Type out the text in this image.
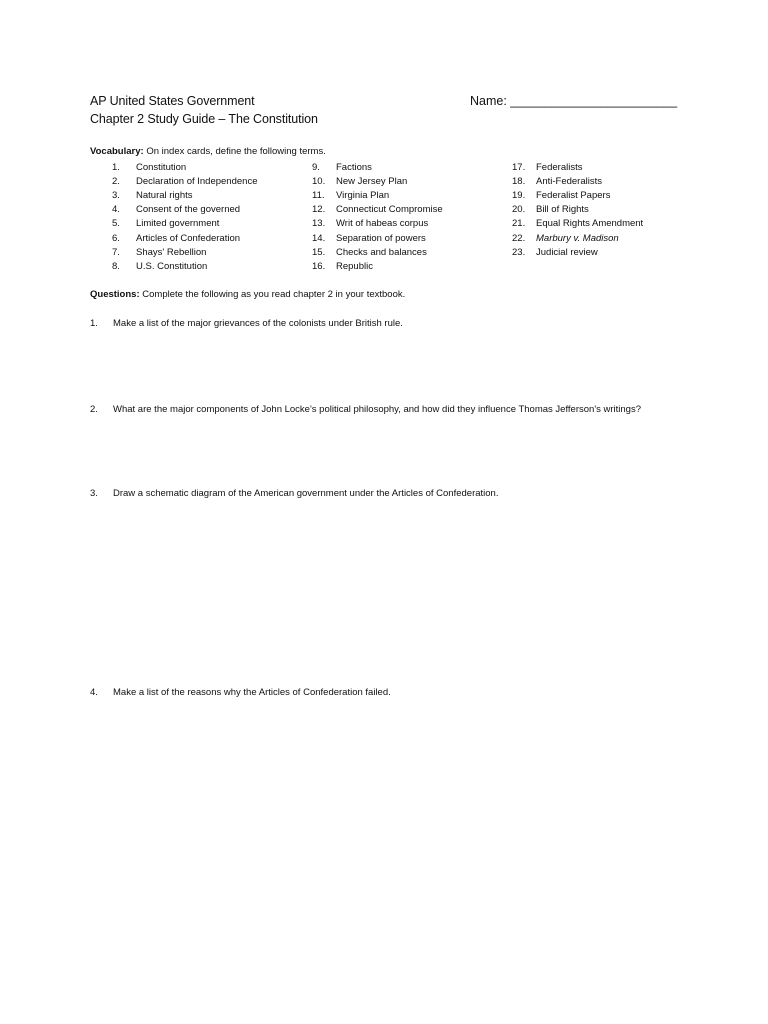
AP United States Government
Chapter 2 Study Guide – The Constitution
Name: ________________________
Vocabulary: On index cards, define the following terms.
1.	Constitution
2.	Declaration of Independence
3.	Natural rights
4.	Consent of the governed
5.	Limited government
6.	Articles of Confederation
7.	Shays' Rebellion
8.	U.S. Constitution
9.	Factions
10.	New Jersey Plan
11.	Virginia Plan
12.	Connecticut Compromise
13.	Writ of habeas corpus
14.	Separation of powers
15.	Checks and balances
16.	Republic
17.	Federalists
18.	Anti-Federalists
19.	Federalist Papers
20.	Bill of Rights
21.	Equal Rights Amendment
22.	Marbury v. Madison
23.	Judicial review
Questions: Complete the following as you read chapter 2 in your textbook.
1.	Make a list of the major grievances of the colonists under British rule.
2.	What are the major components of John Locke's political philosophy, and how did they influence Thomas Jefferson's writings?
3.	Draw a schematic diagram of the American government under the Articles of Confederation.
4.	Make a list of the reasons why the Articles of Confederation failed.
